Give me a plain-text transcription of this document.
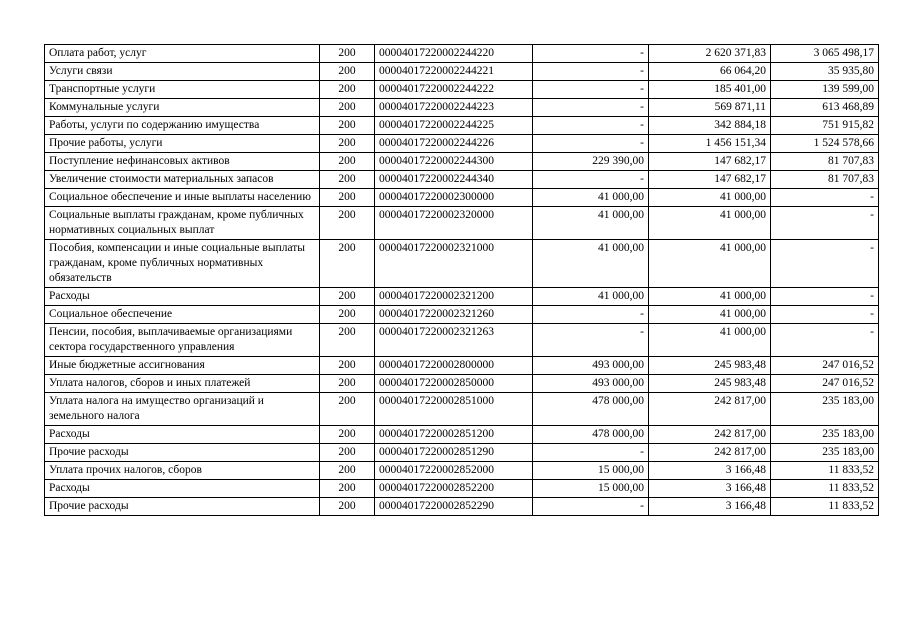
Оплата работ, услуг	200	00004017220002244220	-	2 620 371,83	3 065 498,17
Услуги связи	200	00004017220002244221	-	66 064,20	35 935,80
Транспортные услуги	200	00004017220002244222	-	185 401,00	139 599,00
Коммунальные услуги	200	00004017220002244223	-	569 871,11	613 468,89
Работы, услуги по содержанию имущества	200	00004017220002244225	-	342 884,18	751 915,82
Прочие работы, услуги	200	00004017220002244226	-	1 456 151,34	1 524 578,66
Поступление нефинансовых активов	200	00004017220002244300	229 390,00	147 682,17	81 707,83
Увеличение стоимости материальных запасов	200	00004017220002244340	-	147 682,17	81 707,83
Социальное обеспечение и иные выплаты населению	200	00004017220002300000	41 000,00	41 000,00	-
Социальные выплаты гражданам, кроме публичных нормативных социальных выплат	200	00004017220002320000	41 000,00	41 000,00	-
Пособия, компенсации и иные социальные выплаты гражданам, кроме публичных нормативных обязательств	200	00004017220002321000	41 000,00	41 000,00	-
Расходы	200	00004017220002321200	41 000,00	41 000,00	-
Социальное обеспечение	200	00004017220002321260	-	41 000,00	-
Пенсии, пособия, выплачиваемые организациями сектора государственного управления	200	00004017220002321263	-	41 000,00	-
Иные бюджетные ассигнования	200	00004017220002800000	493 000,00	245 983,48	247 016,52
Уплата налогов, сборов и иных платежей	200	00004017220002850000	493 000,00	245 983,48	247 016,52
Уплата налога на имущество организаций и земельного налога	200	00004017220002851000	478 000,00	242 817,00	235 183,00
Расходы	200	00004017220002851200	478 000,00	242 817,00	235 183,00
Прочие расходы	200	00004017220002851290	-	242 817,00	235 183,00
Уплата прочих налогов, сборов	200	00004017220002852000	15 000,00	3 166,48	11 833,52
Расходы	200	00004017220002852200	15 000,00	3 166,48	11 833,52
Прочие расходы	200	00004017220002852290	-	3 166,48	11 833,52
